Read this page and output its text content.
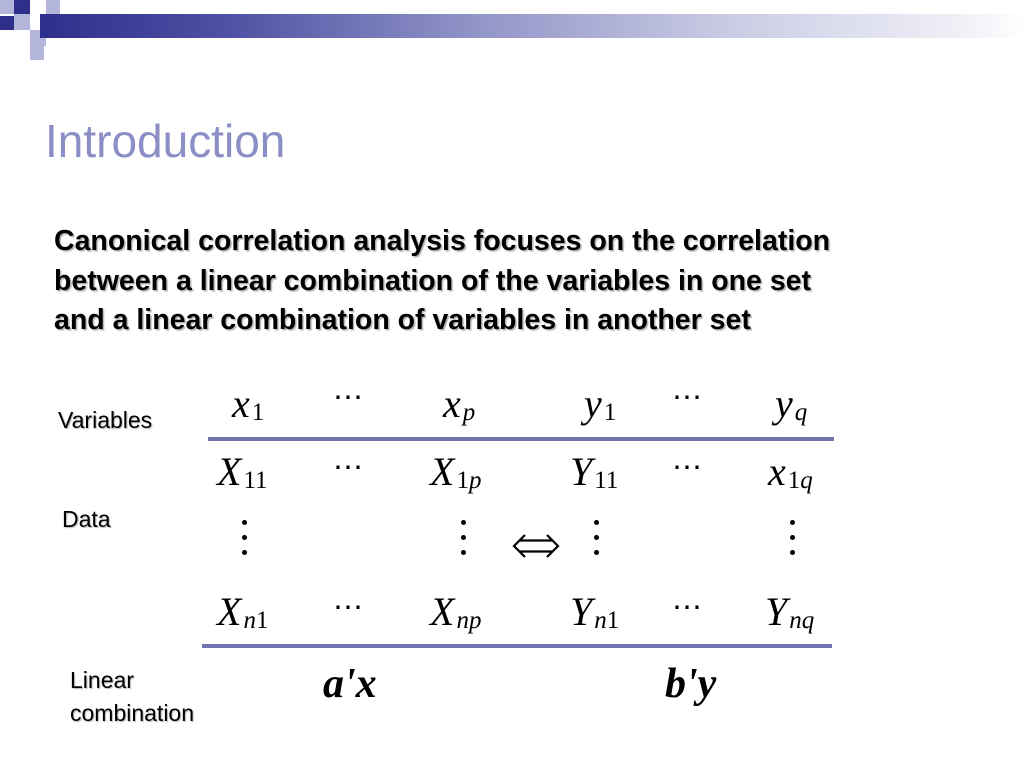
Introduction
Canonical correlation analysis focuses on the correlation
between a linear combination of the variables in one set
and a linear combination of variables in another set
Variables
Data
Linear
combination
x1 ⋯ xp	y1 ⋯ yq
X11 ⋯ X1p Y11 ⋯ x1q
Xn1 ⋯ Xnp Yn1 ⋯ Ynq
a'x	b'y
